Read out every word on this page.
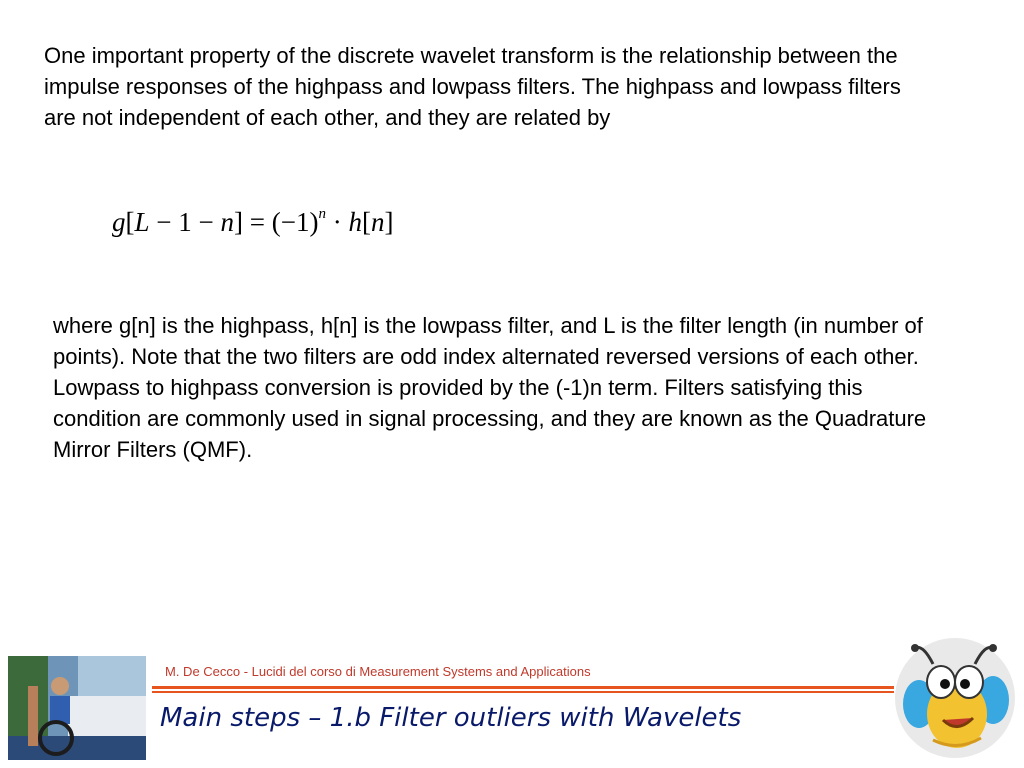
One important property of the discrete wavelet transform is the relationship between the impulse responses of the highpass and lowpass filters. The highpass and lowpass filters are not independent of each other, and they are related by

$g[L - 1 - n] = (-1)^n \cdot h[n]$

where g[n] is the highpass, h[n] is the lowpass filter, and L is the filter length (in number of points). Note that the two filters are odd index alternated reversed versions of each other. Lowpass to highpass conversion is provided by the (-1)n term. Filters satisfying this condition are commonly used in signal processing, and they are known as the Quadrature Mirror Filters (QMF).

M. De Cecco - Lucidi del corso di Measurement Systems and Applications
Main steps – 1.b Filter outliers with Wavelets
